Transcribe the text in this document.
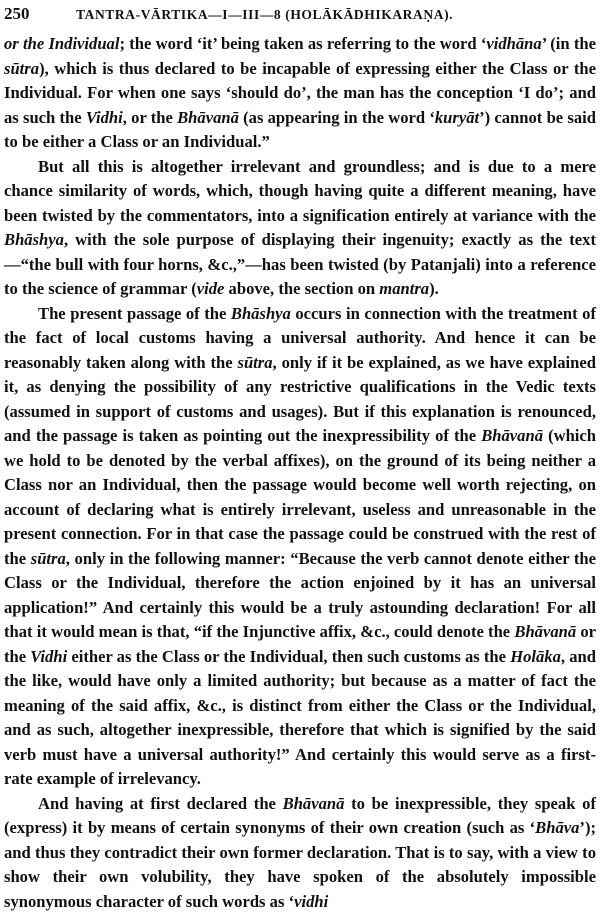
250	TANTRA-VĀRTIKA—I—III—8 (HOLĀKĀDHIKARAṆA).

or the Individual; the word ‘it’ being taken as referring to the word ‘vidhāna’ (in the sūtra), which is thus declared to be incapable of expressing either the Class or the Individual. For when one says ‘should do’, the man has the conception ‘I do’; and as such the Vidhi, or the Bhāvanā (as appearing in the word ‘kuryāt’) cannot be said to be either a Class or an Individual.”

But all this is altogether irrelevant and groundless; and is due to a mere chance similarity of words, which, though having quite a different meaning, have been twisted by the commentators, into a signification entirely at variance with the Bhāshya, with the sole purpose of displaying their ingenuity; exactly as the text—“the bull with four horns, &c.,”—has been twisted (by Patanjali) into a reference to the science of grammar (vide above, the section on mantra).

The present passage of the Bhāshya occurs in connection with the treatment of the fact of local customs having a universal authority. And hence it can be reasonably taken along with the sūtra, only if it be explained, as we have explained it, as denying the possibility of any restrictive qualifications in the Vedic texts (assumed in support of customs and usages). But if this explanation is renounced, and the passage is taken as pointing out the inexpressibility of the Bhāvanā (which we hold to be denoted by the verbal affixes), on the ground of its being neither a Class nor an Individual, then the passage would become well worth rejecting, on account of declaring what is entirely irrelevant, useless and unreasonable in the present connection. For in that case the passage could be construed with the rest of the sūtra, only in the following manner: “Because the verb cannot denote either the Class or the Individual, therefore the action enjoined by it has an universal application!” And certainly this would be a truly astounding declaration! For all that it would mean is that, “if the Injunctive affix, &c., could denote the Bhāvanā or the Vidhi either as the Class or the Individual, then such customs as the Holāka, and the like, would have only a limited authority; but because as a matter of fact the meaning of the said affix, &c., is distinct from either the Class or the Individual, and as such, altogether inexpressible, therefore that which is signified by the said verb must have a universal authority!” And certainly this would serve as a first-rate example of irrelevancy.

And having at first declared the Bhāvanā to be inexpressible, they speak of (express) it by means of certain synonyms of their own creation (such as ‘Bhāva’); and thus they contradict their own former declaration. That is to say, with a view to show their own volubility, they have spoken of the absolutely impossible synonymous character of such words as ‘vidhi
